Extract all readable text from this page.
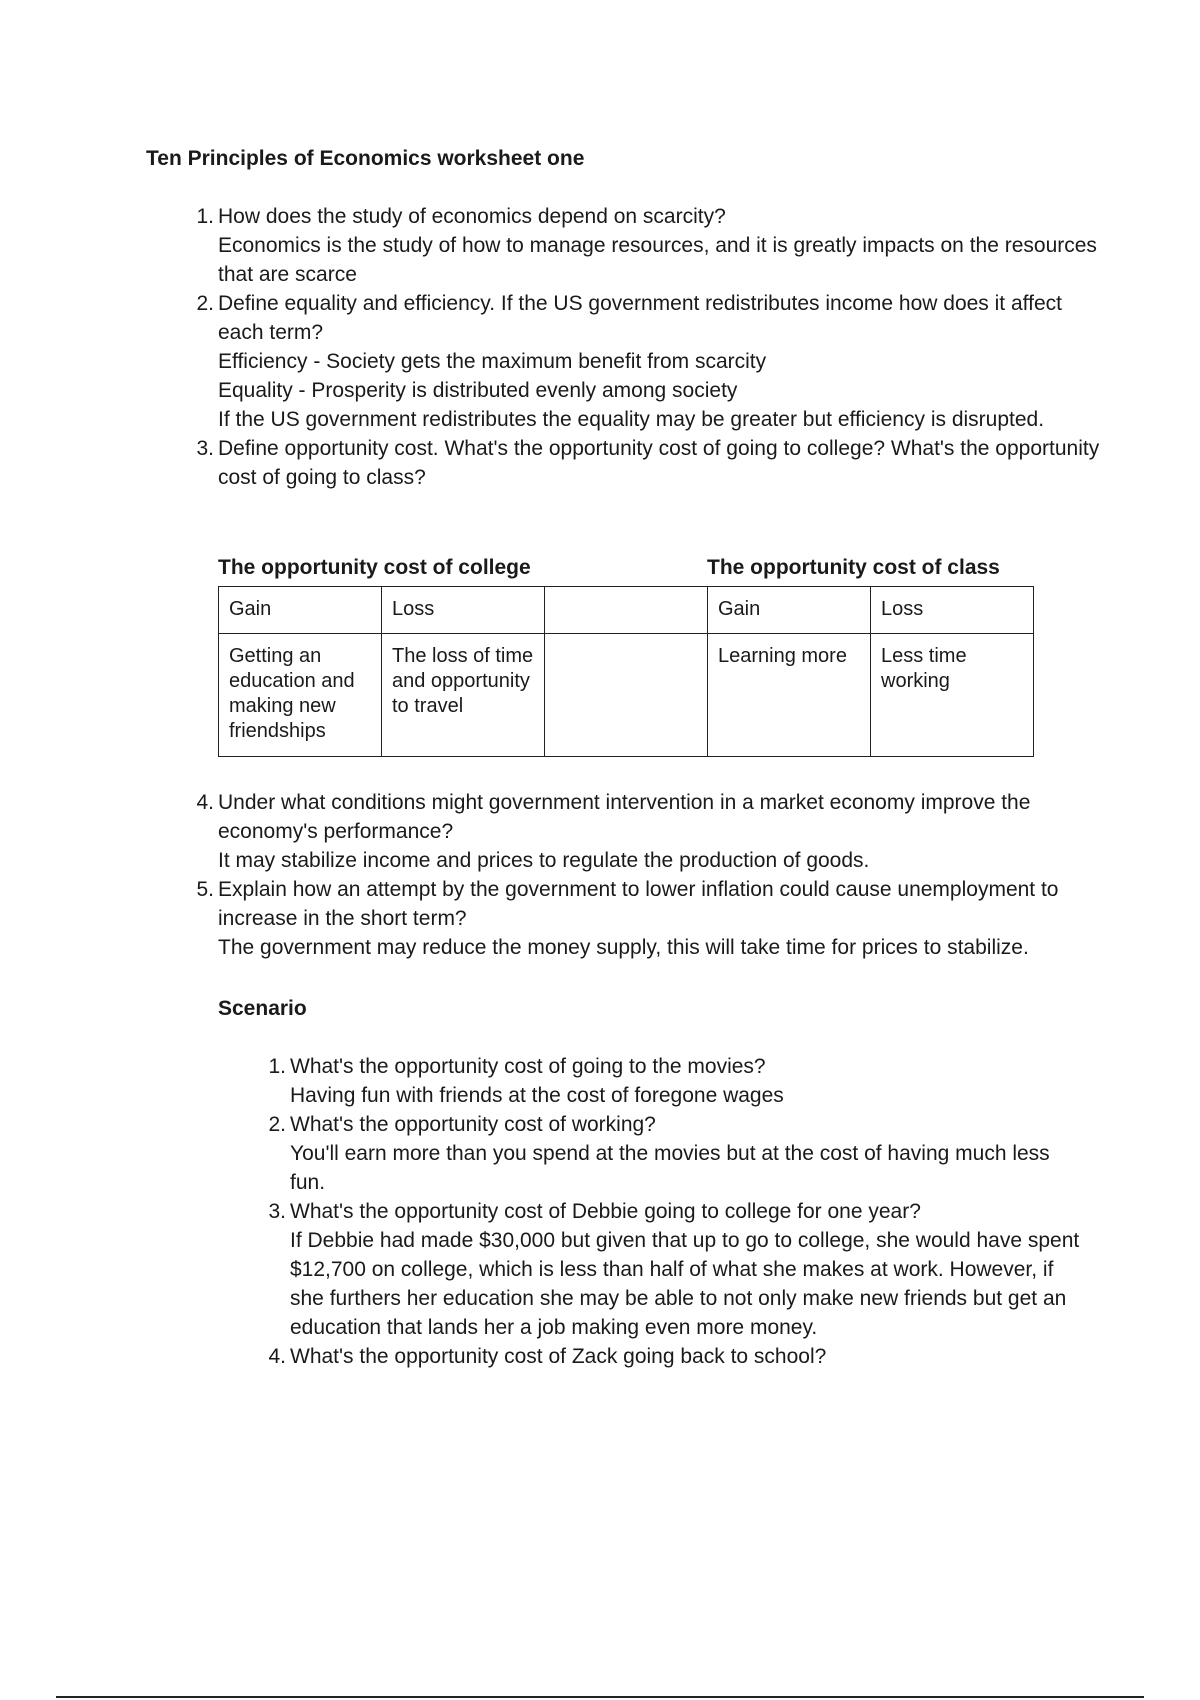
Ten Principles of Economics worksheet one
1 . How does the study of economics depend on scarcity?
Economics is the study of how to manage resources, and it is greatly impacts on the resources that are scarce
2 . Define equality and efficiency. If the US government redistributes income how does it affect each term?
Efficiency - Society gets the maximum benefit from scarcity
Equality - Prosperity is distributed evenly among society
If the US government redistributes the equality may be greater but efficiency is disrupted.
3 . Define opportunity cost. What's the opportunity cost of going to college? What's the opportunity cost of going to class?
The opportunity cost of college	The opportunity cost of class
Gain	Loss		Gain	Loss
Getting an education and making new friendships	The loss of time and opportunity to travel		Learning more	Less time working
4 . Under what conditions might government intervention in a market economy improve the economy's performance?
It may stabilize income and prices to regulate the production of goods.
5 . Explain how an attempt by the government to lower inflation could cause unemployment to increase in the short term?
The government may reduce the money supply, this will take time for prices to stabilize.
Scenario
1 . What's the opportunity cost of going to the movies?
Having fun with friends at the cost of foregone wages
2 . What's the opportunity cost of working?
You'll earn more than you spend at the movies but at the cost of having much less fun.
3 . What's the opportunity cost of Debbie going to college for one year?
If Debbie had made $30,000 but given that up to go to college, she would have spent $12,700 on college, which is less than half of what she makes at work. However, if she furthers her education she may be able to not only make new friends but get an education that lands her a job making even more money.
4 . What's the opportunity cost of Zack going back to school?
